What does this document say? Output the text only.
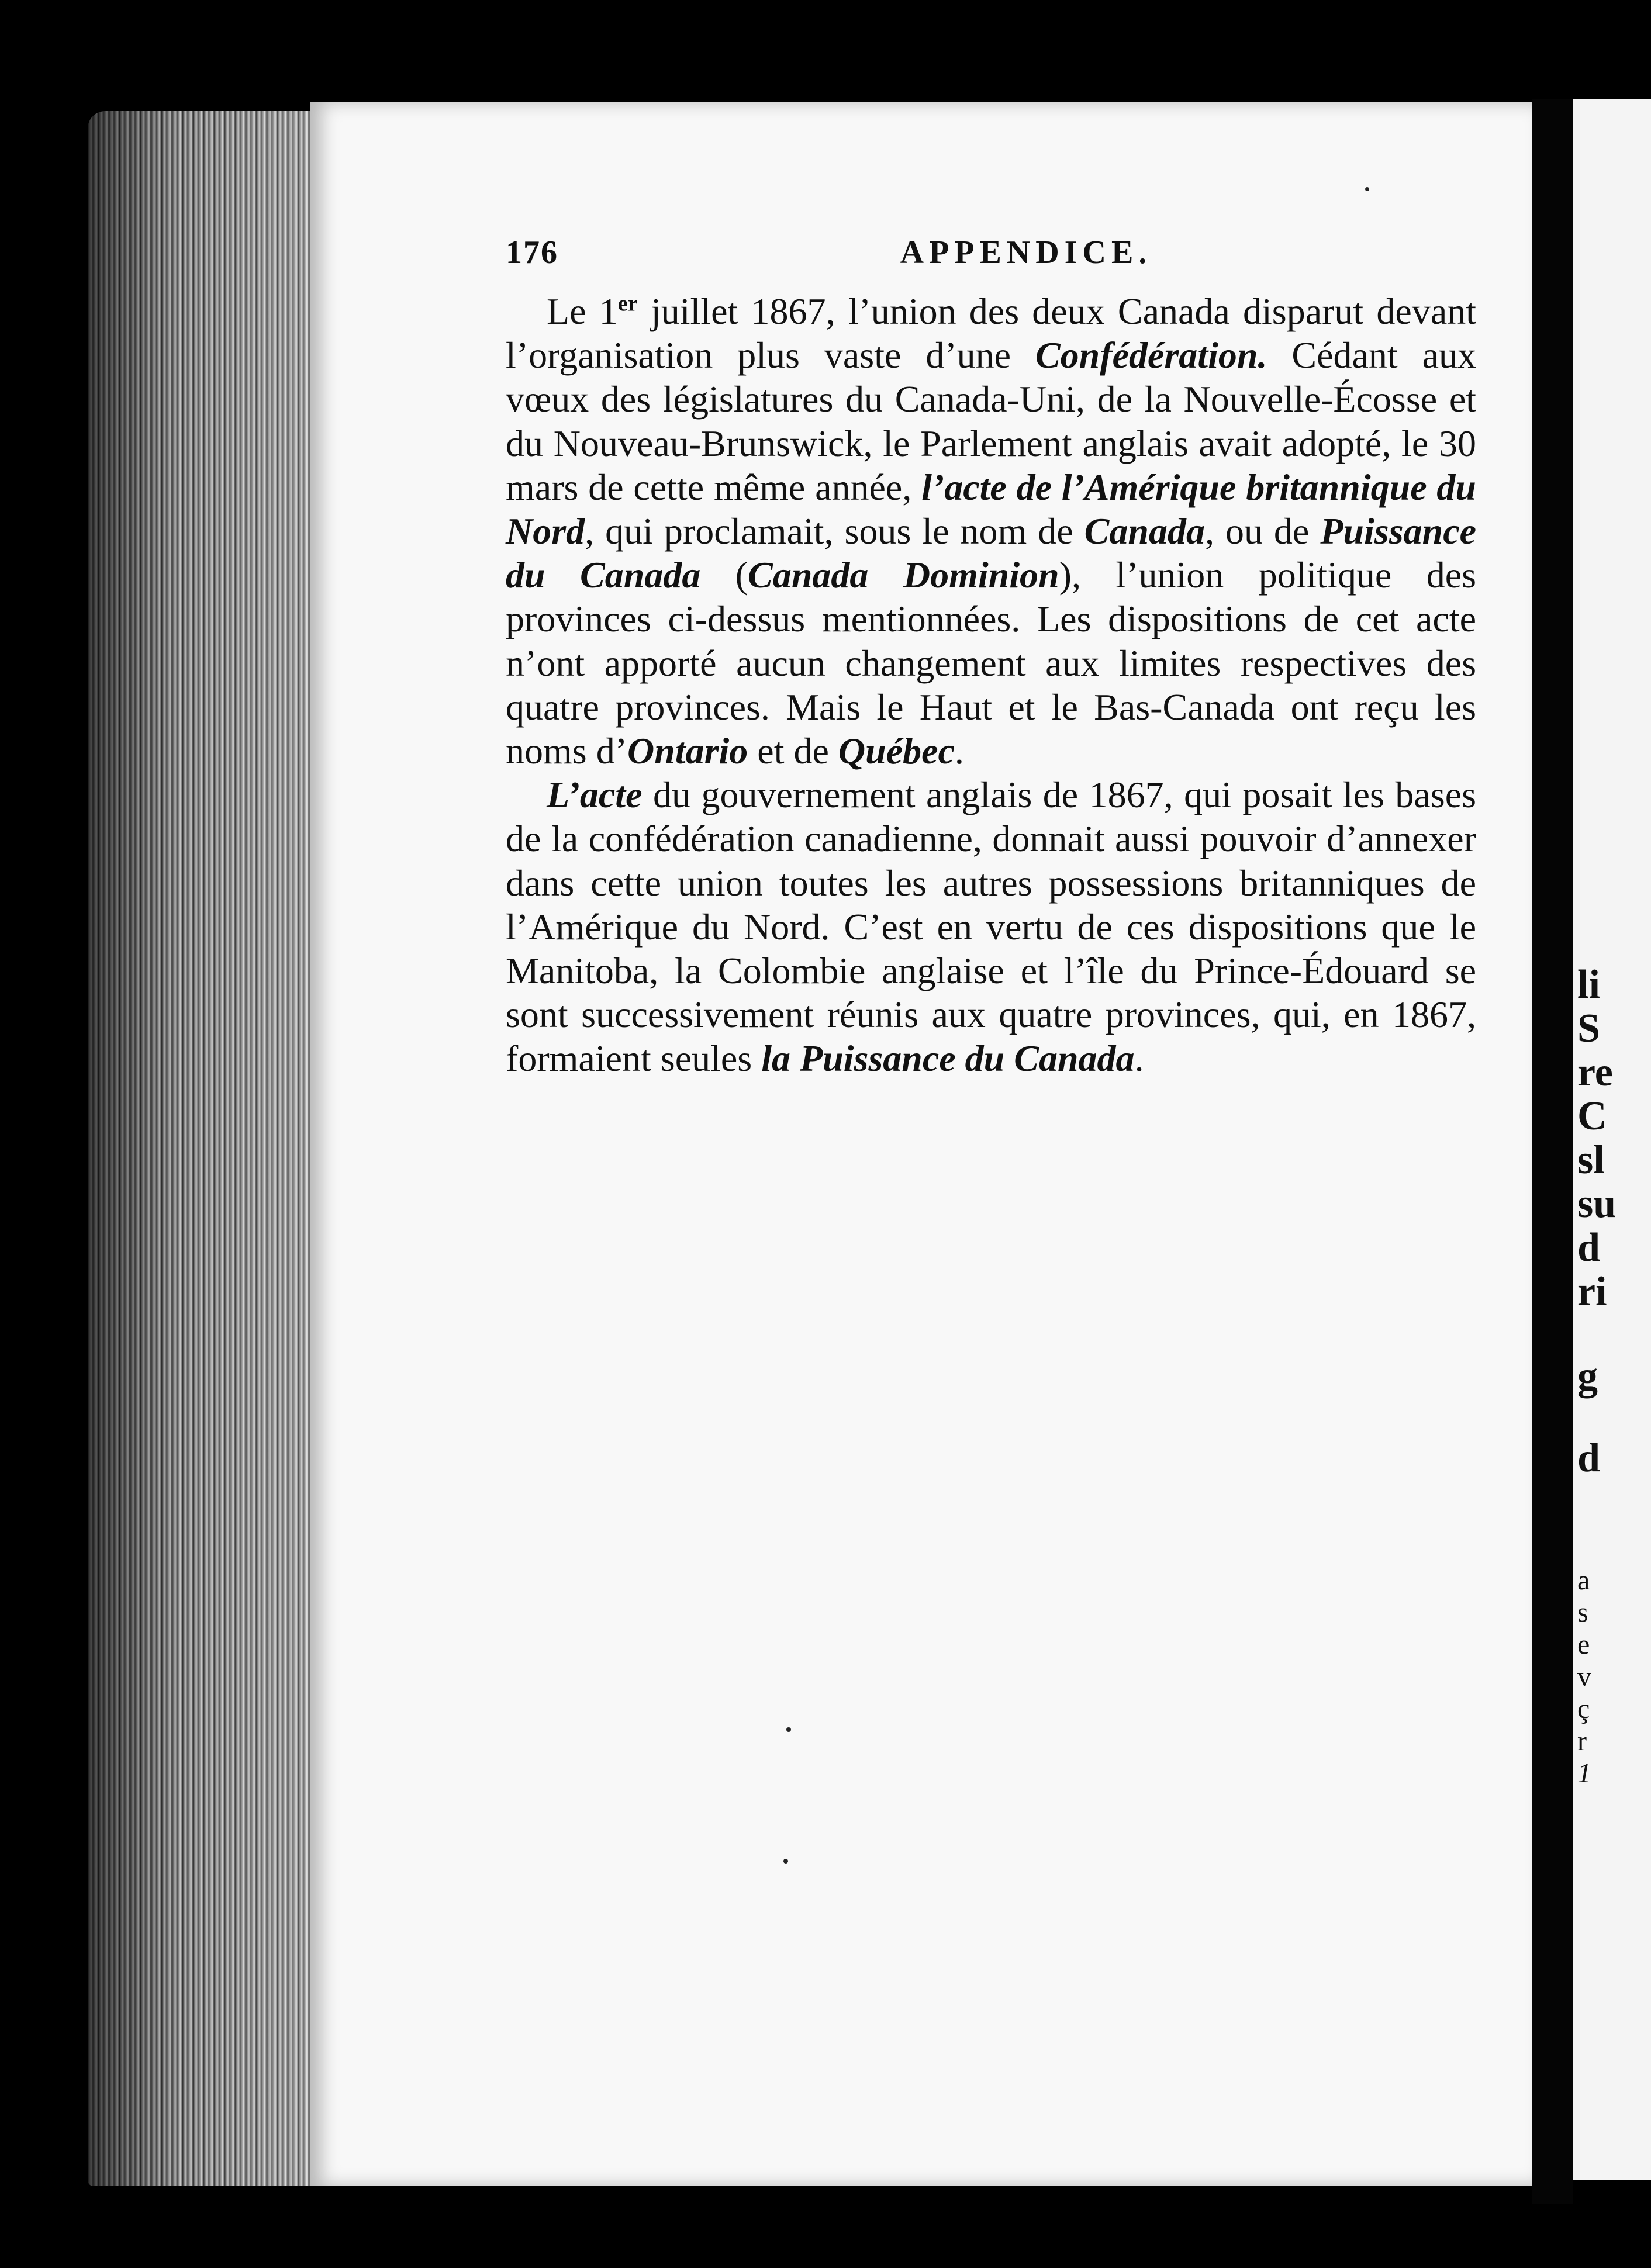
li
S
re
C
sl
su
d
ri
g
d
a
s
e
v
ç
r
1
176	APPENDICE.

Le 1er juillet 1867, l’union des deux Canada disparut devant l’organisation plus vaste d’une Confédération. Cédant aux vœux des législatures du Canada-Uni, de la Nouvelle-Écosse et du Nouveau-Brunswick, le Parlement anglais avait adopté, le 30 mars de cette même année, l’acte de l’Amérique britannique du Nord, qui proclamait, sous le nom de Canada, ou de Puissance du Canada (Canada Dominion), l’union politique des provinces ci-dessus mentionnées. Les dispositions de cet acte n’ont apporté aucun changement aux limites respectives des quatre provinces. Mais le Haut et le Bas-Canada ont reçu les noms d’Ontario et de Québec.

L’acte du gouvernement anglais de 1867, qui posait les bases de la confédération canadienne, donnait aussi pouvoir d’annexer dans cette union toutes les autres possessions britanniques de l’Amérique du Nord. C’est en vertu de ces dispositions que le Manitoba, la Colombie anglaise et l’île du Prince-Édouard se sont successivement réunis aux quatre provinces, qui, en 1867, formaient seules la Puissance du Canada.
